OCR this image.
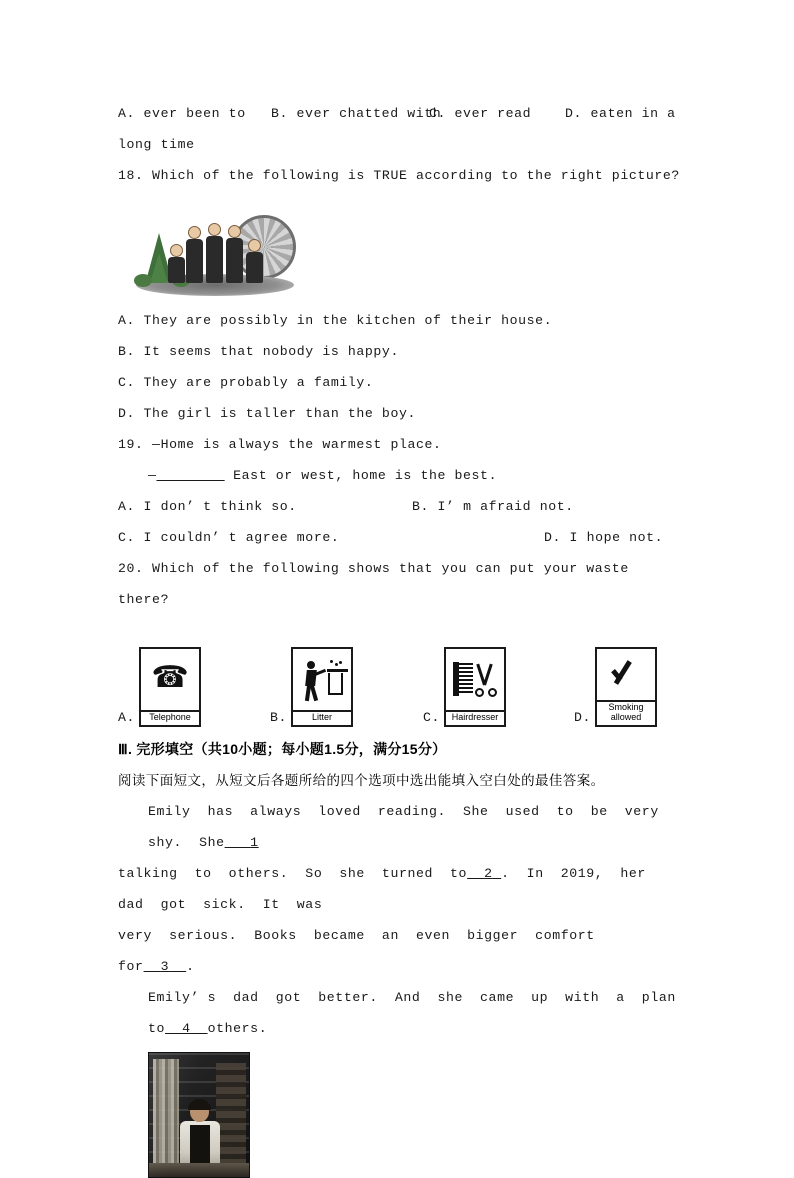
A. ever been to B. ever chatted with
C. ever read	D. eaten in a
long time
18. Which of the following is TRUE according to the right picture?
A. They are possibly in the kitchen of their house.
B. It seems that nobody is happy.
C. They are probably a family.
D. The girl is taller than the boy.
19. —Home is always the warmest place.
—________ East or west, home is the best.
A. I don’ t think so.	B. I’ m afraid not.
C. I couldn’ t agree more.	D. I hope not.
20. Which of the following shows that you can put your waste there?
A.
☎
Telephone	B.	Litter	C.	Hairdresser	D.
Smoking allowed
Ⅲ. 完形填空（共10小题；每小题1.5分，满分15分）
阅读下面短文，从短文后各题所给的四个选项中选出能填入空白处的最佳答案。
Emily  has  always  loved  reading.  She  used  to  be  very  shy.  She 1
talking  to  others.  So  she  turned  to 2 .  In  2019,  her  dad  got  sick.  It  was
very  serious.  Books  became  an  even  bigger  comfort  for 3 .
Emily’ s  dad  got  better.  And  she  came  up  with  a  plan  to 4 others.
